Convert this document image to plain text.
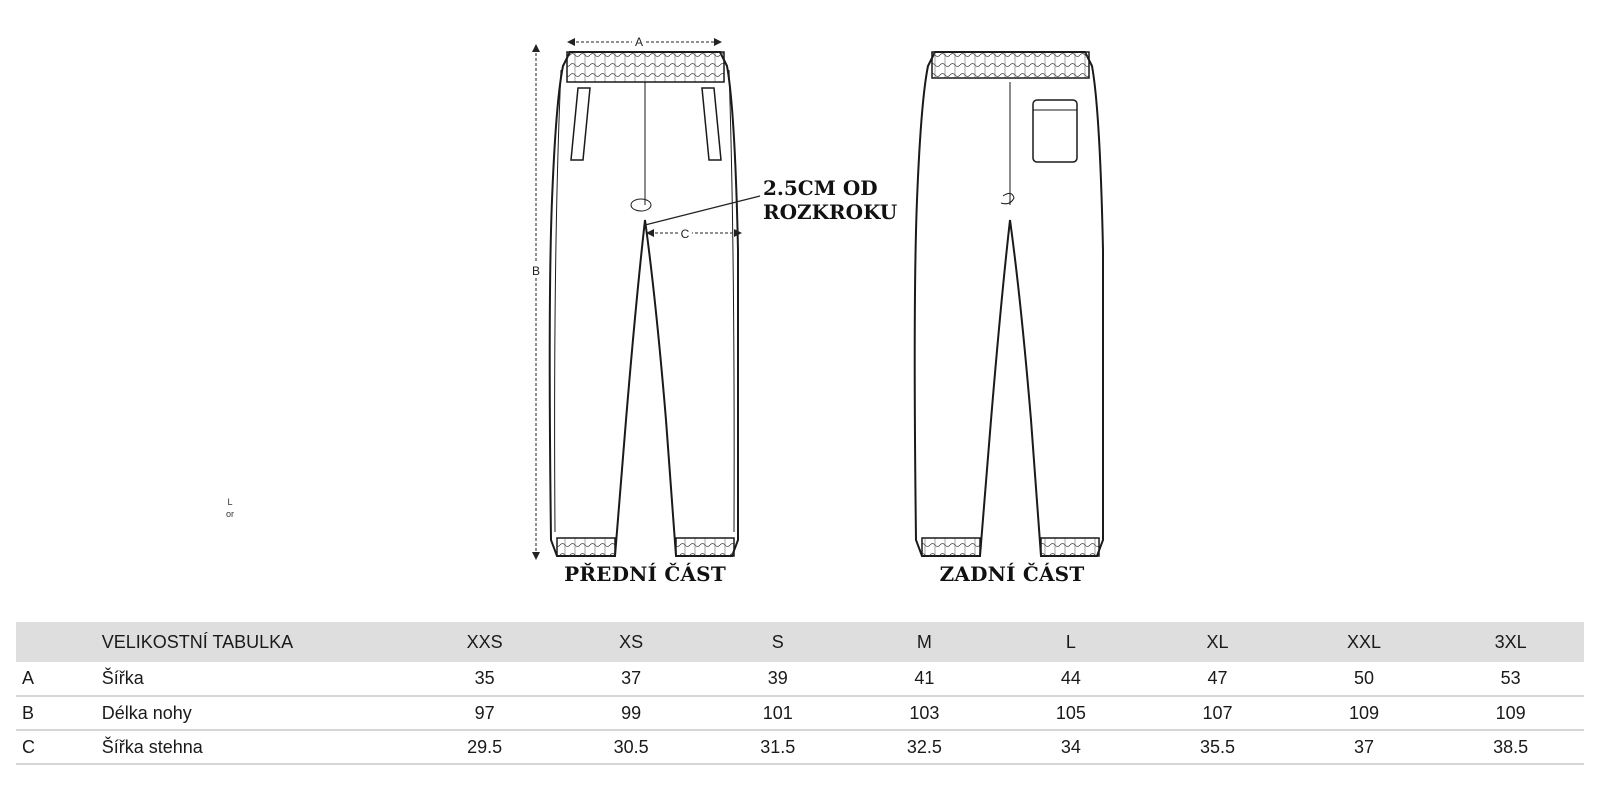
L
or
A
B
C
2.5CM OD
ROZKROKU
PŘEDNÍ ČÁST	ZADNÍ ČÁST
	VELIKOSTNÍ TABULKA	XXS	XS	S	M	L	XL	XXL	3XL
A	Šířka	35	37	39	41	44	47	50	53
B	Délka nohy	97	99	101	103	105	107	109	109
C	Šířka stehna	29.5	30.5	31.5	32.5	34	35.5	37	38.5
